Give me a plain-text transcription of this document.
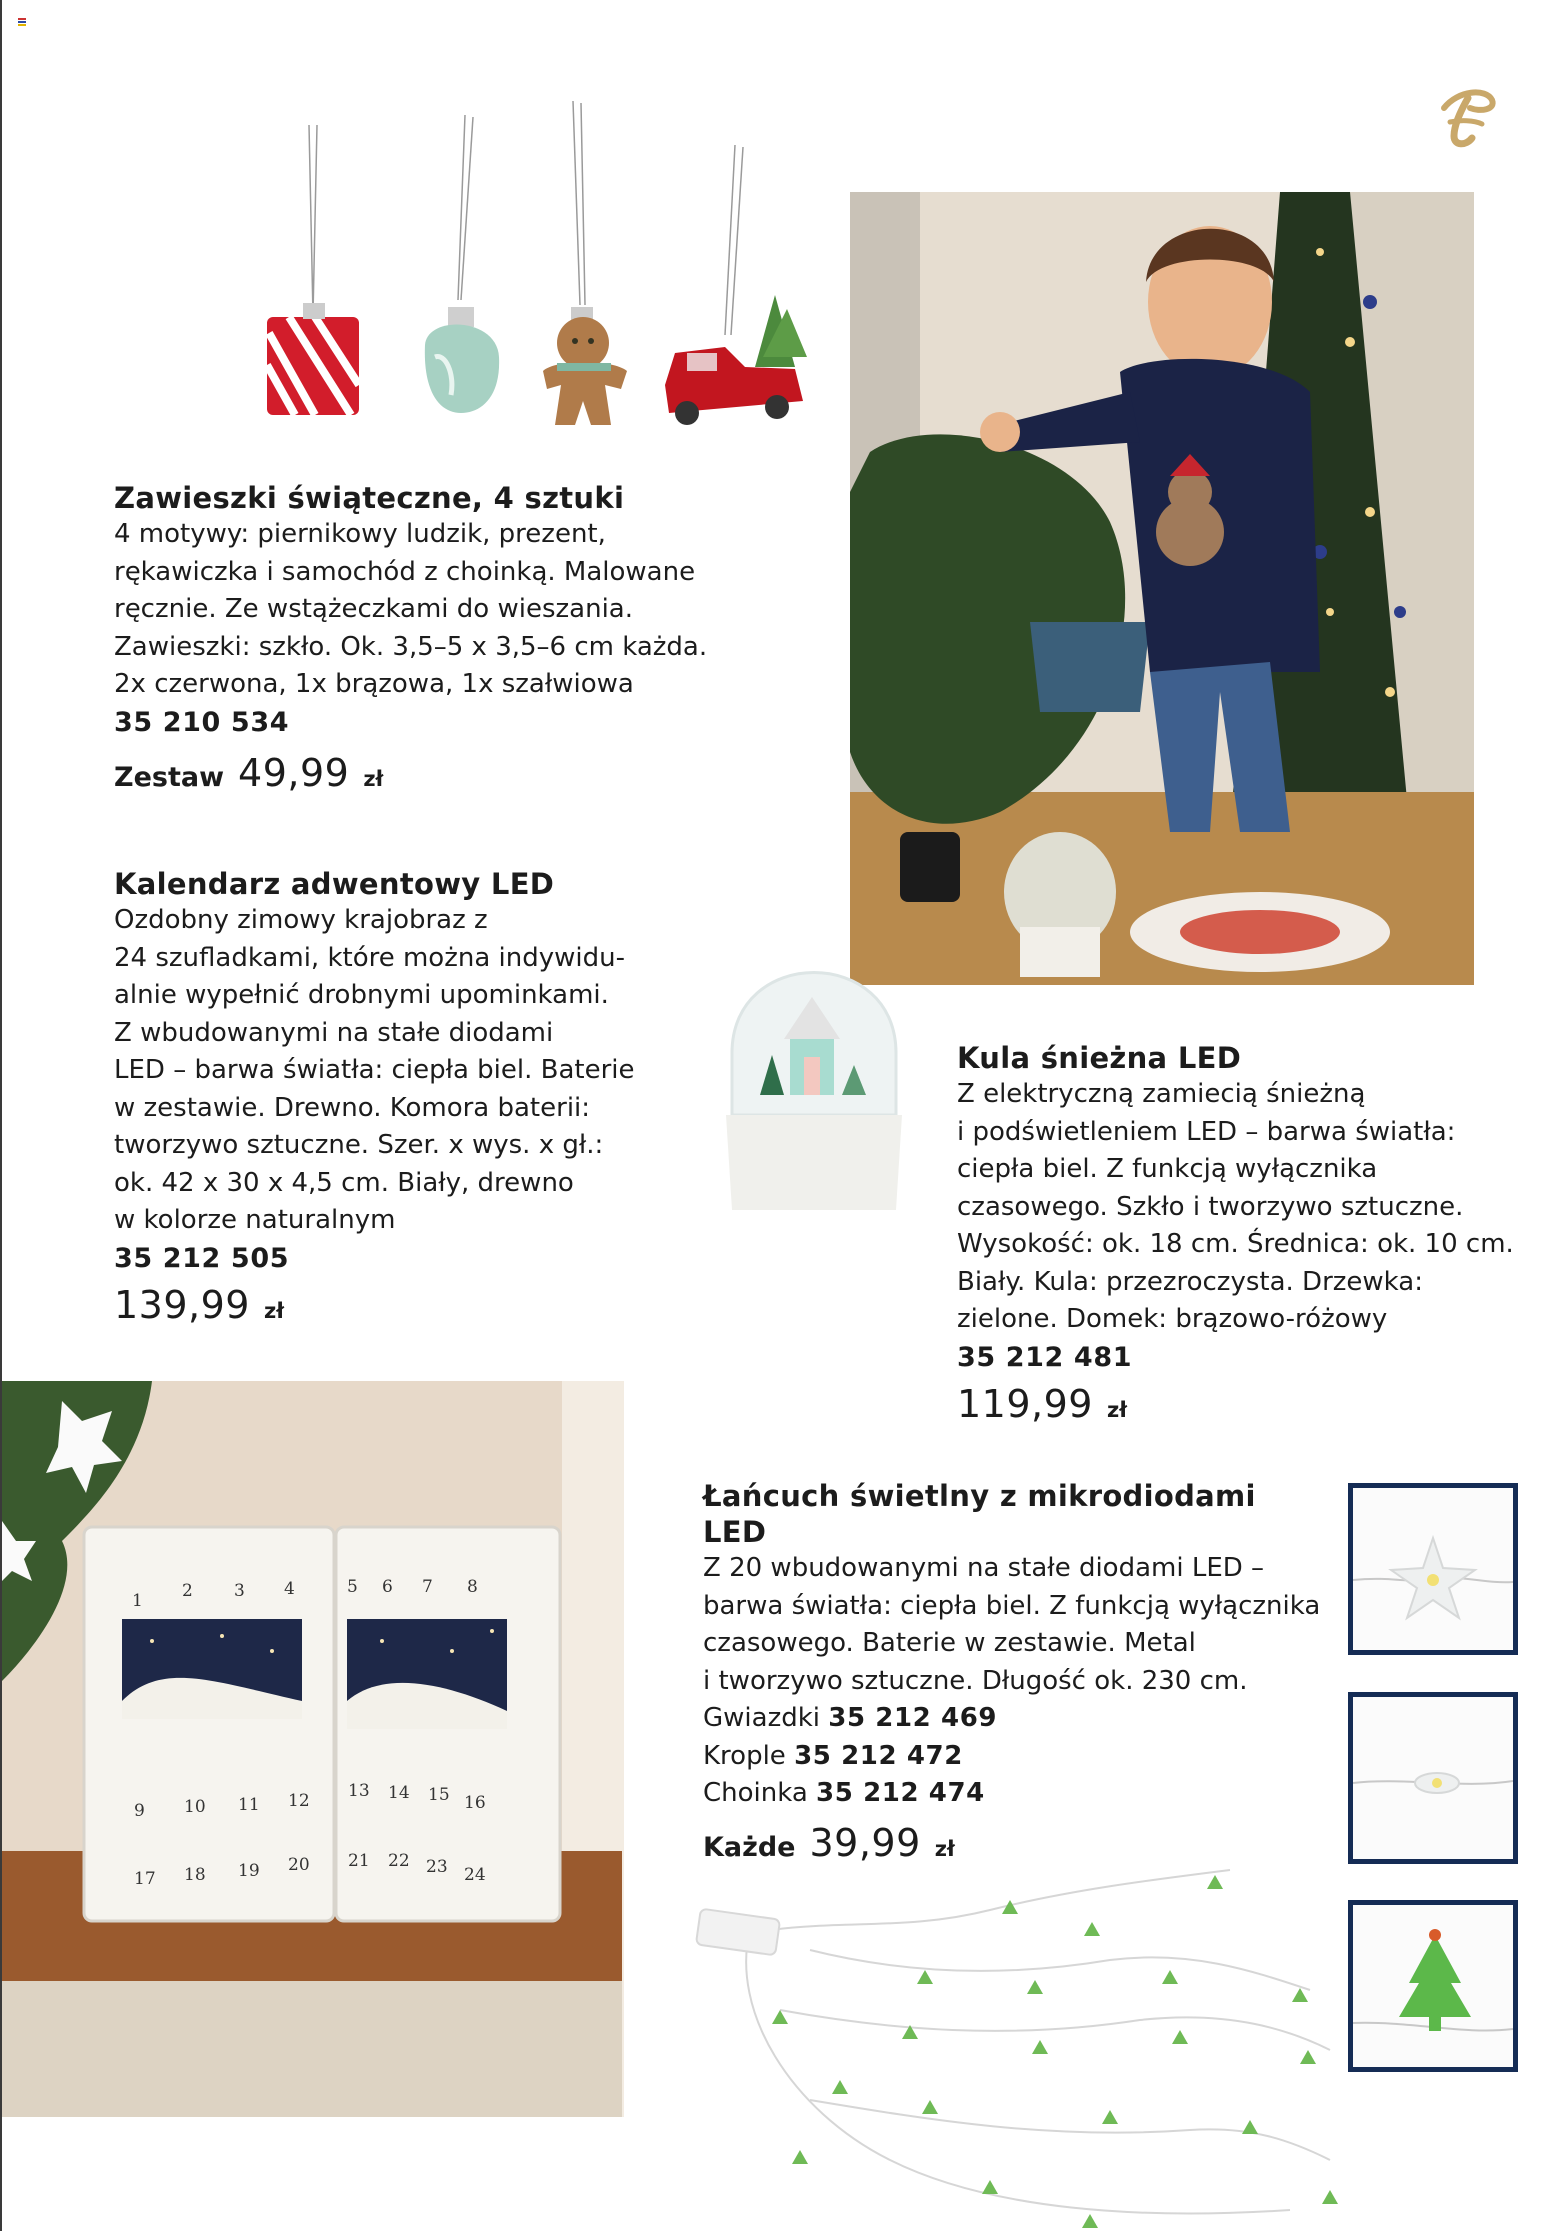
Zawieszki świąteczne, 4 sztuki
4 motywy: piernikowy ludzik, prezent,
rękawiczka i samochód z choinką. Malowane
ręcznie. Ze wstążeczkami do wieszania.
Zawieszki: szkło. Ok. 3,5–5 x 3,5–6 cm każda.
2x czerwona, 1x brązowa, 1x szałwiowa
35 210 534
Zestaw 49,99 zł
Kalendarz adwentowy LED
Ozdobny zimowy krajobraz z
24 szufladkami, które można indywidu-
alnie wypełnić drobnymi upominkami.
Z wbudowanymi na stałe diodami
LED – barwa światła: ciepła biel. Baterie
w zestawie. Drewno. Komora baterii:
tworzywo sztuczne. Szer. x wys. x gł.:
ok. 42 x 30 x 4,5 cm. Biały, drewno
w kolorze naturalnym
35 212 505
139,99 zł
Kula śnieżna LED
Z elektryczną zamiecią śnieżną
i podświetleniem LED – barwa światła:
ciepła biel. Z funkcją wyłącznika
czasowego. Szkło i tworzywo sztuczne.
Wysokość: ok. 18 cm. Średnica: ok. 10 cm.
Biały. Kula: przezroczysta. Drzewka:
zielone. Domek: brązowo-różowy
35 212 481
119,99 zł
1 2 3 4	5 6 7 8
9 10 11 12 13 14 15 16
17 18 19 20 21 22 23 24
Łańcuch świetlny z mikrodiodami LED
Z 20 wbudowanymi na stałe diodami LED –
barwa światła: ciepła biel. Z funkcją wyłącznika
czasowego. Baterie w zestawie. Metal
i tworzywo sztuczne. Długość ok. 230 cm.
Gwiazdki 35 212 469
Krople 35 212 472
Choinka 35 212 474
Każde 39,99 zł
